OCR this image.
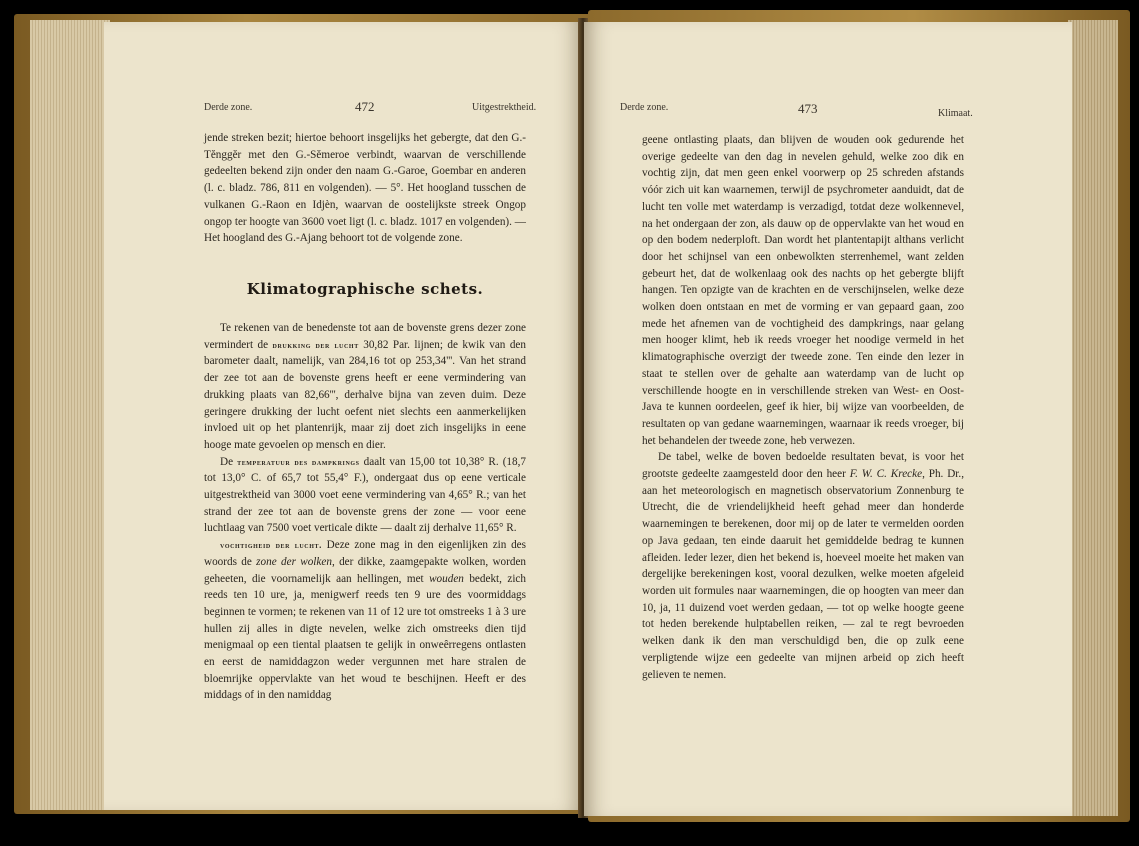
Derde zone.	472	Uitgestrektheid.

jende streken bezit; hiertoe behoort insgelijks het gebergte, dat den G.-Tĕnggĕr met den G.-Sĕmeroe verbindt, waarvan de verschillende gedeelten bekend zijn onder den naam G.-Garoe, Goembar en anderen (l. c. bladz. 786, 811 en volgenden). — 5°. Het hoogland tusschen de vulkanen G.-Raon en Idjèn, waarvan de oostelijkste streek Ongop ongop ter hoogte van 3600 voet ligt (l. c. bladz. 1017 en volgenden). — Het hoogland des G.-Ajang behoort tot de volgende zone.

Klimatographische schets.

Te rekenen van de benedenste tot aan de bovenste grens dezer zone vermindert de drukking der lucht 30,82 Par. lijnen; de kwik van den barometer daalt, namelijk, van 284,16 tot op 253,34'''. Van het strand der zee tot aan de bovenste grens heeft er eene vermindering van drukking plaats van 82,66''', derhalve bijna van zeven duim. Deze geringere drukking der lucht oefent niet slechts een aanmerkelijken invloed uit op het plantenrijk, maar zij doet zich insgelijks in eene hooge mate gevoelen op mensch en dier.

De temperatuur des dampkrings daalt van 15,00 tot 10,38° R. (18,7 tot 13,0° C. of 65,7 tot 55,4° F.), ondergaat dus op eene verticale uitgestrektheid van 3000 voet eene vermindering van 4,65° R.; van het strand der zee tot aan de bovenste grens der zone — voor eene luchtlaag van 7500 voet verticale dikte — daalt zij derhalve 11,65° R.

vochtigheid der lucht. Deze zone mag in den eigenlijken zin des woords de zone der wolken, der dikke, zaamgepakte wolken, worden geheeten, die voornamelijk aan hellingen, met wouden bedekt, zich reeds ten 10 ure, ja, menigwerf reeds ten 9 ure des voormiddags beginnen te vormen; te rekenen van 11 of 12 ure tot omstreeks 1 à 3 ure hullen zij alles in digte nevelen, welke zich omstreeks dien tijd menigmaal op een tiental plaatsen te gelijk in onweêrregens ontlasten en eerst de namiddagzon weder vergunnen met hare stralen de bloemrijke oppervlakte van het woud te beschijnen. Heeft er des middags of in den namiddag

Derde zone.	473	Klimaat.

geene ontlasting plaats, dan blijven de wouden ook gedurende het overige gedeelte van den dag in nevelen gehuld, welke zoo dik en vochtig zijn, dat men geen enkel voorwerp op 25 schreden afstands vóór zich uit kan waarnemen, terwijl de psychrometer aanduidt, dat de lucht ten volle met waterdamp is verzadigd, totdat deze wolkennevel, na het ondergaan der zon, als dauw op de oppervlakte van het woud en op den bodem nederploft. Dan wordt het plantentapijt althans verlicht door het schijnsel van een onbewolkten sterrenhemel, want zelden gebeurt het, dat de wolkenlaag ook des nachts op het gebergte blijft hangen. Ten opzigte van de krachten en de verschijnselen, welke deze wolken doen ontstaan en met de vorming er van gepaard gaan, zoo mede het afnemen van de vochtigheid des dampkrings, naar gelang men hooger klimt, heb ik reeds vroeger het noodige vermeld in het klimatographische overzigt der tweede zone. Ten einde den lezer in staat te stellen over de gehalte aan waterdamp van de lucht op verschillende hoogte en in verschillende streken van West- en Oost-Java te kunnen oordeelen, geef ik hier, bij wijze van voorbeelden, de resultaten op van gedane waarnemingen, waarnaar ik reeds vroeger, bij het behandelen der tweede zone, heb verwezen.

De tabel, welke de boven bedoelde resultaten bevat, is voor het grootste gedeelte zaamgesteld door den heer F. W. C. Krecke, Ph. Dr., aan het meteorologisch en magnetisch observatorium Zonnenburg te Utrecht, die de vriendelijkheid heeft gehad meer dan honderde waarnemingen te berekenen, door mij op de later te vermelden oorden op Java gedaan, ten einde daaruit het gemiddelde bedrag te kunnen afleiden. Ieder lezer, dien het bekend is, hoeveel moeite het maken van dergelijke berekeningen kost, vooral dezulken, welke moeten afgeleid worden uit formules naar waarnemingen, die op hoogten van meer dan 10, ja, 11 duizend voet werden gedaan, — tot op welke hoogte geene tot heden berekende hulptabellen reiken, — zal te regt bevroeden welken dank ik den man verschuldigd ben, die op zulk eene verpligtende wijze een gedeelte van mijnen arbeid op zich heeft gelieven te nemen.
